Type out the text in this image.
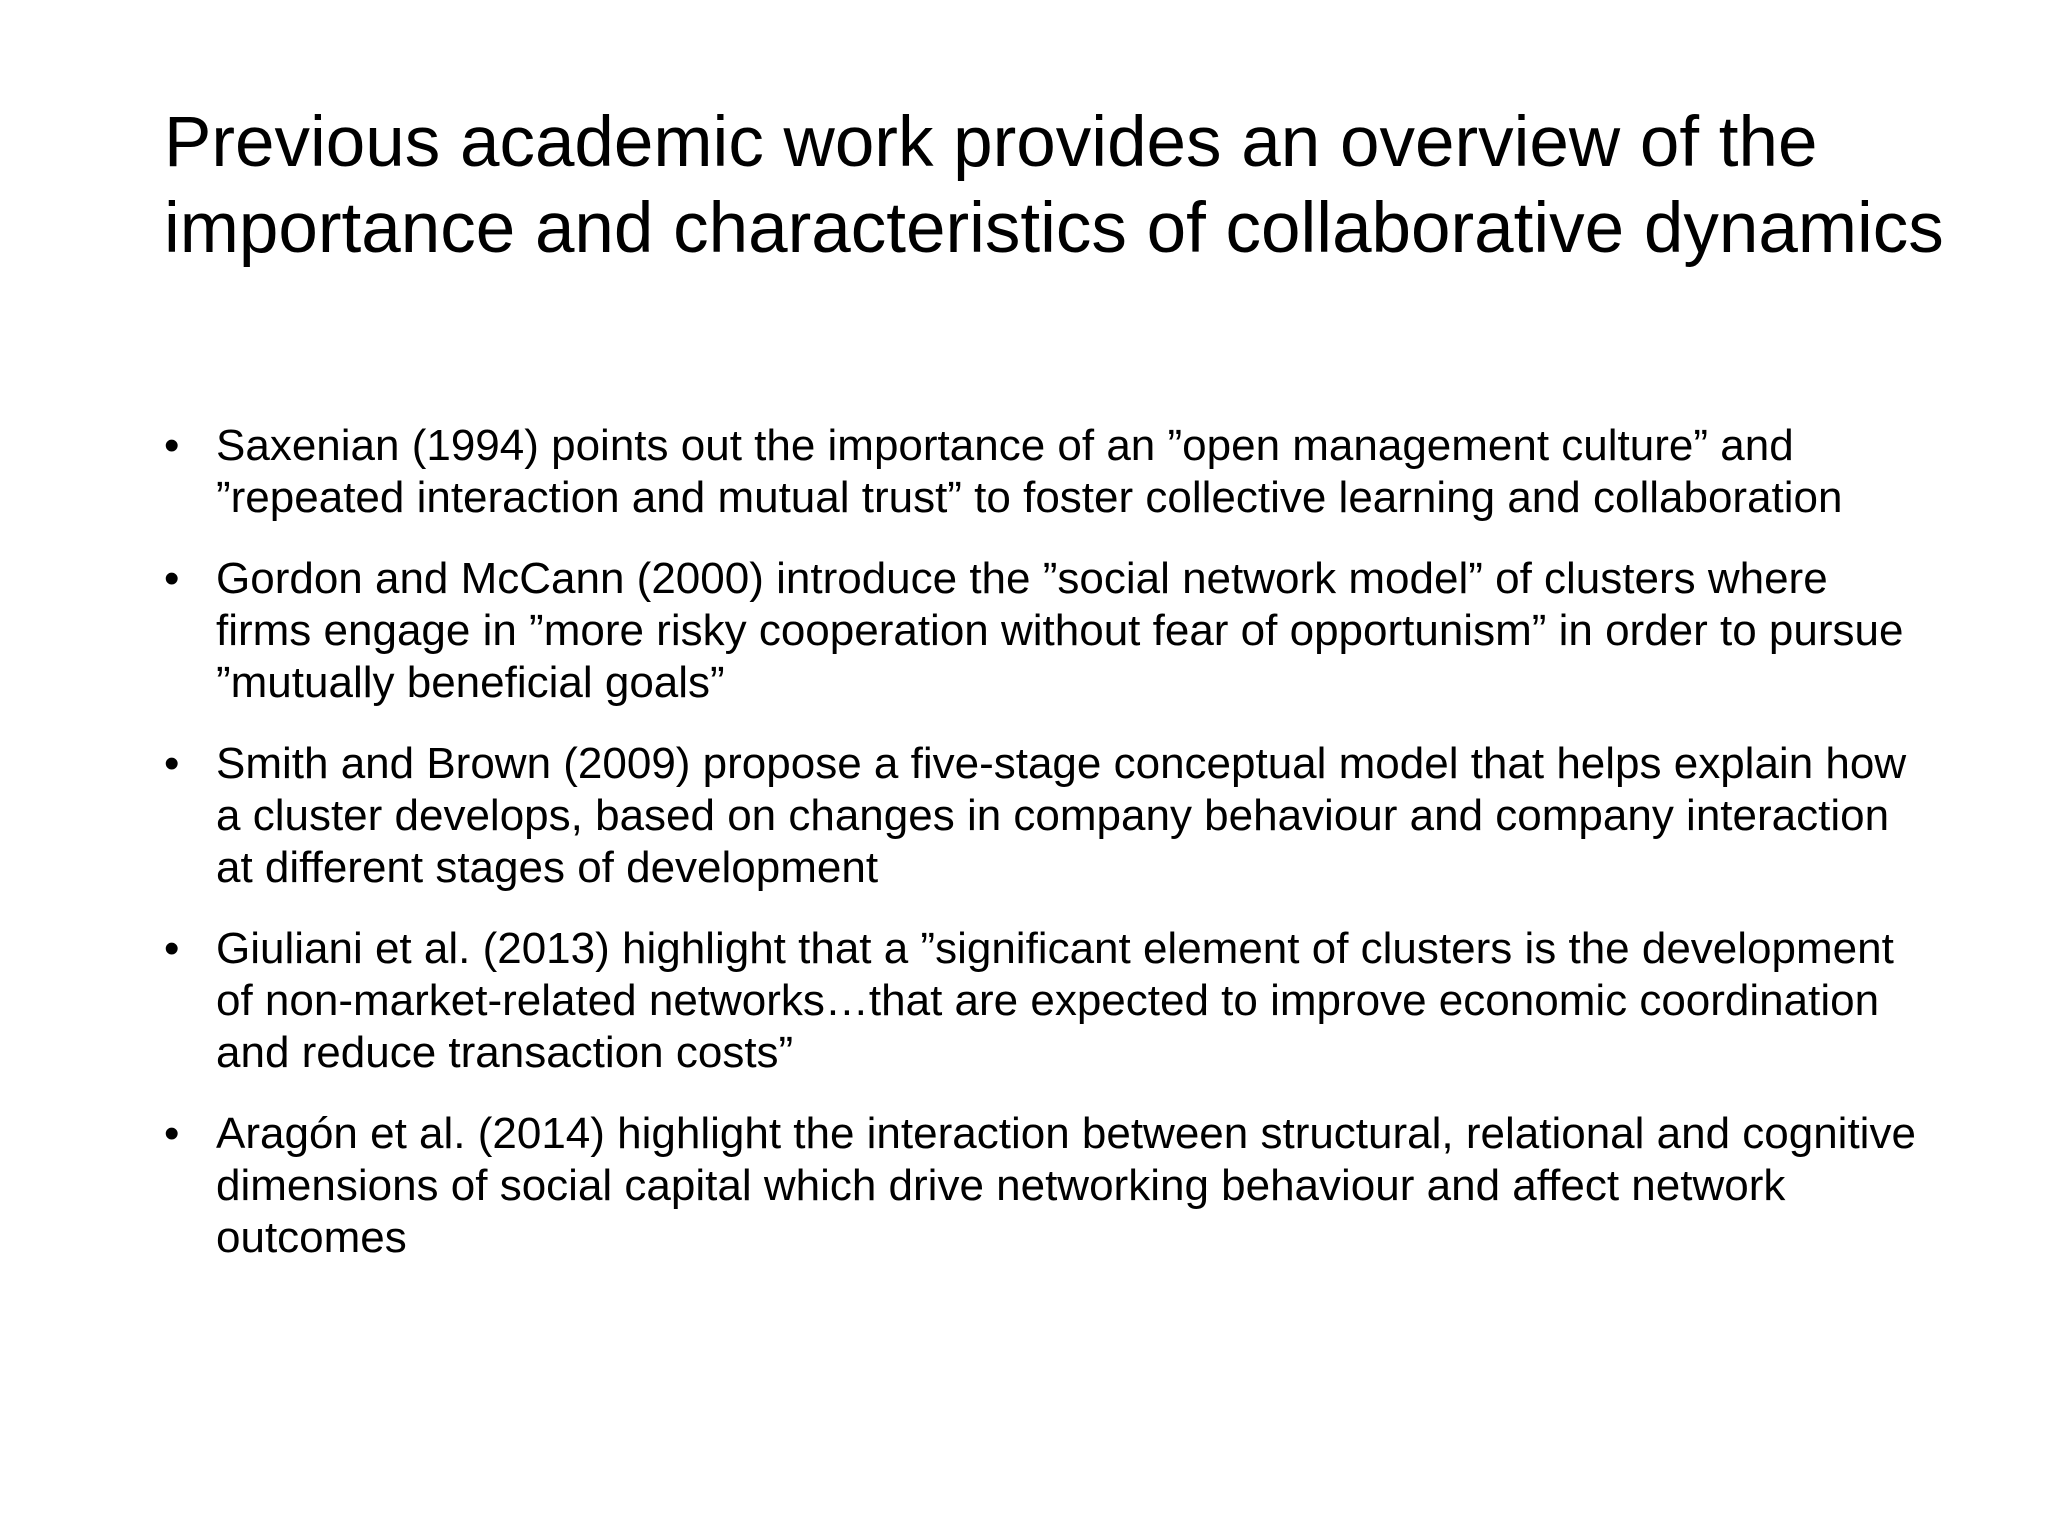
Previous academic work provides an overview of the importance and characteristics of collaborative dynamics
• Saxenian (1994) points out the importance of an ”open management culture” and ”repeated interaction and mutual trust” to foster collective learning and collaboration
• Gordon and McCann (2000) introduce the ”social network model” of clusters where firms engage in ”more risky cooperation without fear of opportunism” in order to pursue ”mutually beneficial goals”
• Smith and Brown (2009) propose a five-stage conceptual model that helps explain how a cluster develops, based on changes in company behaviour and company interaction at different stages of development
• Giuliani et al. (2013) highlight that a ”significant element of clusters is the development of non-market-related networks…that are expected to improve economic coordination and reduce transaction costs”
• Aragón et al. (2014) highlight the interaction between structural, relational and cognitive dimensions of social capital which drive networking behaviour and affect network outcomes
